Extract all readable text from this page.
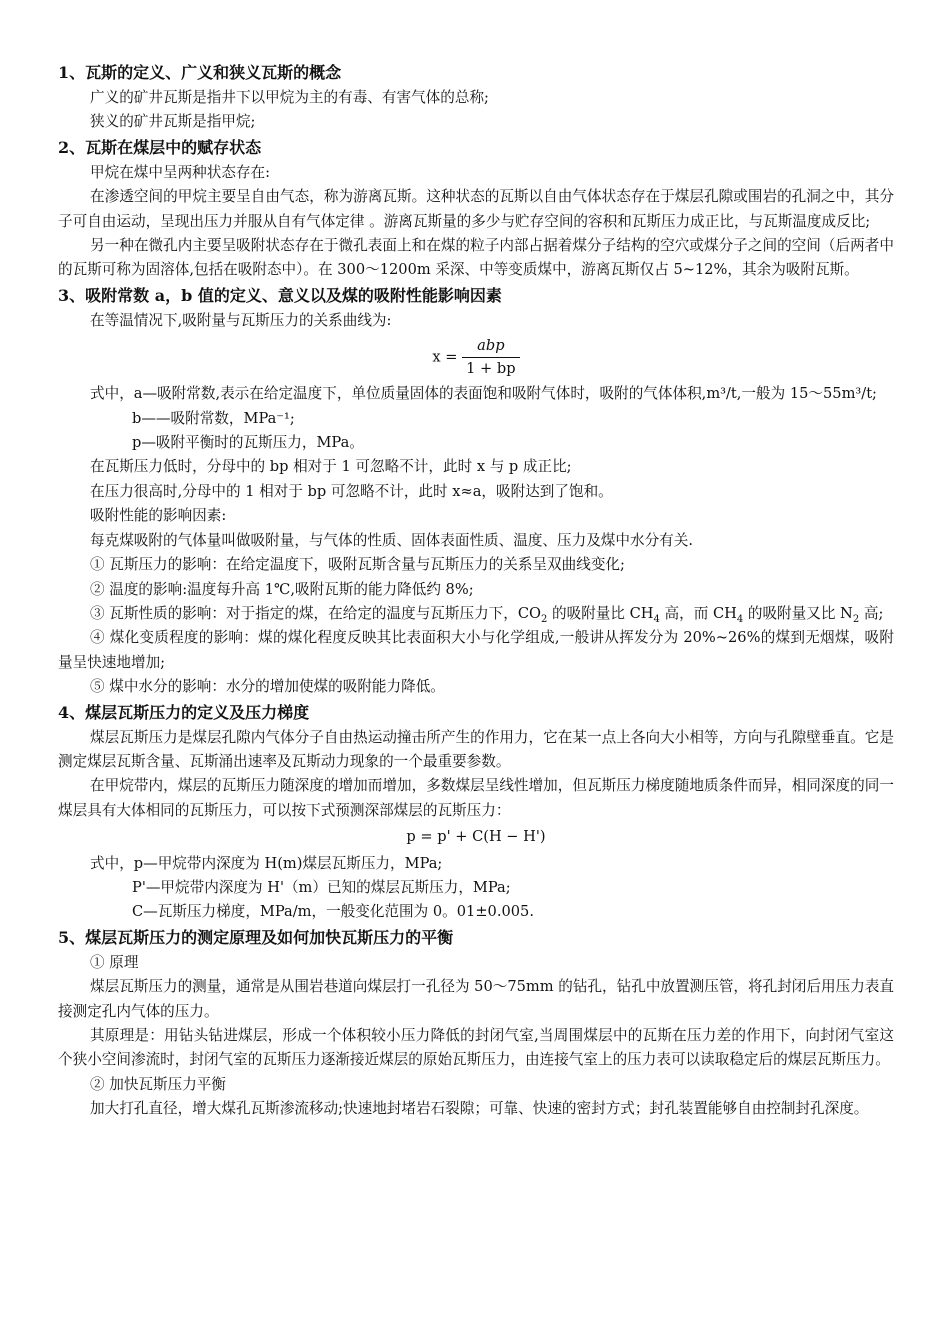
1、瓦斯的定义、广义和狭义瓦斯的概念

广义的矿井瓦斯是指井下以甲烷为主的有毒、有害气体的总称;

狭义的矿井瓦斯是指甲烷;

2、瓦斯在煤层中的赋存状态

甲烷在煤中呈两种状态存在:

在渗透空间的甲烷主要呈自由气态，称为游离瓦斯。这种状态的瓦斯以自由气体状态存在于煤层孔隙或围岩的孔洞之中，其分子可自由运动，呈现出压力并服从自有气体定律 。游离瓦斯量的多少与贮存空间的容积和瓦斯压力成正比，与瓦斯温度成反比;

另一种在微孔内主要呈吸附状态存在于微孔表面上和在煤的粒子内部占据着煤分子结构的空穴或煤分子之间的空间（后两者中的瓦斯可称为固溶体,包括在吸附态中）。在 300～1200m 采深、中等变质煤中，游离瓦斯仅占 5~12%，其余为吸附瓦斯。

3、吸附常数 a，b 值的定义、意义以及煤的吸附性能影响因素

在等温情况下,吸附量与瓦斯压力的关系曲线为:

$x = \frac{\text{abp}}{1 + bp}$

式中，a—吸附常数,表示在给定温度下，单位质量固体的表面饱和吸附气体时，吸附的气体体积,m³/t,一般为 15～55m³/t;

b——吸附常数，MPa⁻¹;

p—吸附平衡时的瓦斯压力，MPa。

在瓦斯压力低时，分母中的 bp 相对于 1 可忽略不计，此时 x 与 p 成正比;

在压力很高时,分母中的 1 相对于 bp 可忽略不计，此时 x≈a，吸附达到了饱和。

吸附性能的影响因素:

每克煤吸附的气体量叫做吸附量，与气体的性质、固体表面性质、温度、压力及煤中水分有关.

① 瓦斯压力的影响：在给定温度下，吸附瓦斯含量与瓦斯压力的关系呈双曲线变化;

② 温度的影响:温度每升高 1℃,吸附瓦斯的能力降低约 8%;

③ 瓦斯性质的影响：对于指定的煤，在给定的温度与瓦斯压力下，$CO_2$ 的吸附量比 $CH_4$ 高，而 $CH_4$ 的吸附量又比 $N_2$ 高;

④ 煤化变质程度的影响：煤的煤化程度反映其比表面积大小与化学组成,一般讲从挥发分为 20%~26%的煤到无烟煤，吸附量呈快速地增加;

⑤ 煤中水分的影响：水分的增加使煤的吸附能力降低。

4、煤层瓦斯压力的定义及压力梯度

煤层瓦斯压力是煤层孔隙内气体分子自由热运动撞击所产生的作用力，它在某一点上各向大小相等，方向与孔隙壁垂直。它是测定煤层瓦斯含量、瓦斯涌出速率及瓦斯动力现象的一个最重要参数。

在甲烷带内，煤层的瓦斯压力随深度的增加而增加，多数煤层呈线性增加，但瓦斯压力梯度随地质条件而异，相同深度的同一煤层具有大体相同的瓦斯压力，可以按下式预测深部煤层的瓦斯压力：

p = p' + C(H − H')

式中，p—甲烷带内深度为 H(m)煤层瓦斯压力，MPa;

P'—甲烷带内深度为 H'（m）已知的煤层瓦斯压力，MPa;

C—瓦斯压力梯度，MPa/m，一般变化范围为 0。01±0.005.

5、煤层瓦斯压力的测定原理及如何加快瓦斯压力的平衡

① 原理

煤层瓦斯压力的测量，通常是从围岩巷道向煤层打一孔径为 50～75mm 的钻孔，钻孔中放置测压管，将孔封闭后用压力表直接测定孔内气体的压力。

其原理是：用钻头钻进煤层，形成一个体积较小压力降低的封闭气室,当周围煤层中的瓦斯在压力差的作用下，向封闭气室这个狭小空间渗流时，封闭气室的瓦斯压力逐渐接近煤层的原始瓦斯压力，由连接气室上的压力表可以读取稳定后的煤层瓦斯压力。

② 加快瓦斯压力平衡

加大打孔直径，增大煤孔瓦斯渗流移动;快速地封堵岩石裂隙；可靠、快速的密封方式；封孔装置能够自由控制封孔深度。
